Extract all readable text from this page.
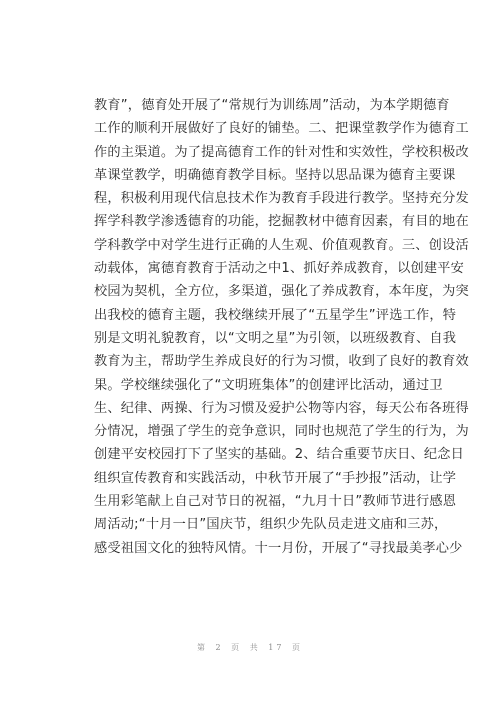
教育”，德育处开展了“常规行为训练周”活动，为本学期德育
工作的顺利开展做好了良好的铺垫。二、把课堂教学作为德育工
作的主渠道。为了提高德育工作的针对性和实效性，学校积极改
革课堂教学，明确德育教学目标。坚持以思品课为德育主要课
程，积极利用现代信息技术作为教育手段进行教学。坚持充分发
挥学科教学渗透德育的功能，挖掘教材中德育因素，有目的地在
学科教学中对学生进行正确的人生观、价值观教育。三、创设活
动载体，寓德育教育于活动之中1、抓好养成教育，以创建平安
校园为契机，全方位，多渠道，强化了养成教育，本年度，为突
出我校的德育主题，我校继续开展了“五星学生”评选工作，特
别是文明礼貌教育，以“文明之星”为引领，以班级教育、自我
教育为主，帮助学生养成良好的行为习惯，收到了良好的教育效
果。学校继续强化了“文明班集体”的创建评比活动，通过卫
生、纪律、两操、行为习惯及爱护公物等内容，每天公布各班得
分情况，增强了学生的竞争意识，同时也规范了学生的行为，为
创建平安校园打下了坚实的基础。2、结合重要节庆日、纪念日
组织宣传教育和实践活动，中秋节开展了“手抄报”活动，让学
生用彩笔献上自己对节日的祝福，“九月十日”教师节进行感恩
周活动;“十月一日”国庆节，组织少先队员走进文庙和三苏，
感受祖国文化的独特风情。十一月份，开展了“寻找最美孝心少
第 2 页 共 17 页
